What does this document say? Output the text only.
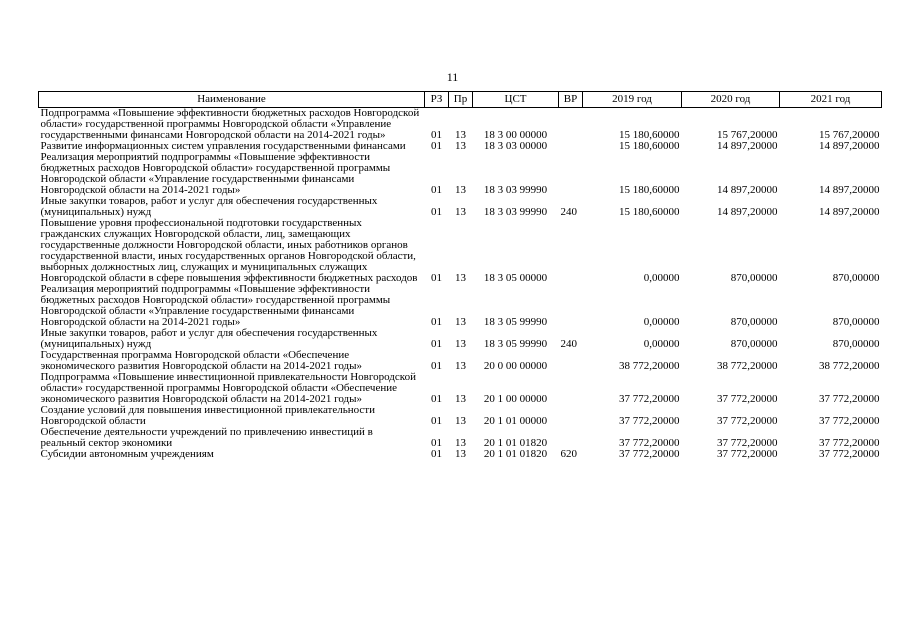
11
Наименование	РЗ	Пр	ЦСТ	ВР	2019 год	2020 год	2021 год
Подпрограмма «Повышение эффективности бюджетных расходов Новгородской области» государственной программы Новгородской области «Управление государственными финансами Новгородской области на 2014-2021 годы»	01	13	18 3 00 00000		15 180,60000	15 767,20000	15 767,20000
Развитие информационных систем управления государственными финансами	01	13	18 3 03 00000		15 180,60000	14 897,20000	14 897,20000
Реализация мероприятий подпрограммы «Повышение эффективности бюджетных расходов Новгородской области» государственной программы Новгородской области «Управление государственными финансами Новгородской области на 2014-2021 годы»	01	13	18 3 03 99990		15 180,60000	14 897,20000	14 897,20000
Иные закупки товаров, работ и услуг для обеспечения государственных (муниципальных) нужд	01	13	18 3 03 99990	240	15 180,60000	14 897,20000	14 897,20000
Повышение уровня профессиональной подготовки государственных гражданских служащих Новгородской области, лиц, замещающих государственные должности Новгородской области, иных работников органов государственной власти, иных государственных органов Новгородской области, выборных должностных лиц, служащих и муниципальных служащих Новгородской области в сфере повышения эффективности бюджетных расходов	01	13	18 3 05 00000		0,00000	870,00000	870,00000
Реализация мероприятий подпрограммы «Повышение эффективности бюджетных расходов Новгородской области» государственной программы Новгородской области «Управление государственными финансами Новгородской области на 2014-2021 годы»	01	13	18 3 05 99990		0,00000	870,00000	870,00000
Иные закупки товаров, работ и услуг для обеспечения государственных (муниципальных) нужд	01	13	18 3 05 99990	240	0,00000	870,00000	870,00000
Государственная программа Новгородской области «Обеспечение экономического развития Новгородской области на 2014-2021 годы»	01	13	20 0 00 00000		38 772,20000	38 772,20000	38 772,20000
Подпрограмма «Повышение инвестиционной привлекательности Новгородской области» государственной программы Новгородской области «Обеспечение экономического развития Новгородской области на 2014-2021 годы»	01	13	20 1 00 00000		37 772,20000	37 772,20000	37 772,20000
Создание условий для повышения инвестиционной привлекательности Новгородской области	01	13	20 1 01 00000		37 772,20000	37 772,20000	37 772,20000
Обеспечение деятельности учреждений по привлечению инвестиций в реальный сектор экономики	01	13	20 1 01 01820		37 772,20000	37 772,20000	37 772,20000
Субсидии автономным учреждениям	01	13	20 1 01 01820	620	37 772,20000	37 772,20000	37 772,20000
